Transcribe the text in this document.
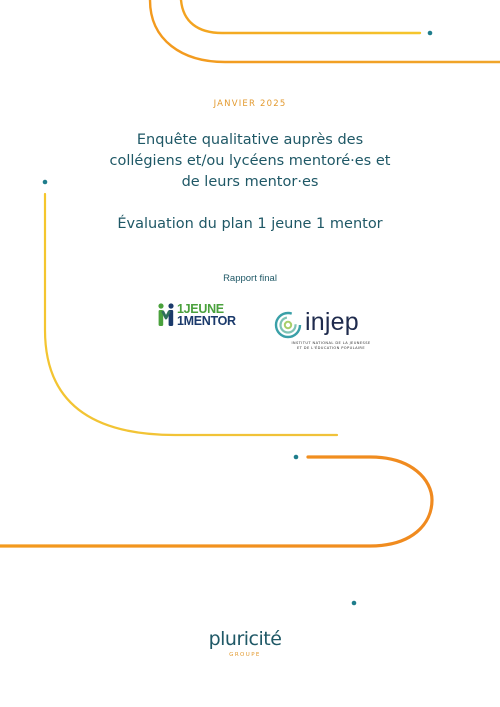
JANVIER 2025
Enquête qualitative auprès des
collégiens et/ou lycéens mentoré·es et
de leurs mentor·es
Évaluation du plan 1 jeune 1 mentor
Rapport final
1JEUNE
1MENTOR	injep
INSTITUT NATIONAL DE LA JEUNESSE
ET DE L'ÉDUCATION POPULAIRE
pluricité
GROUPE
